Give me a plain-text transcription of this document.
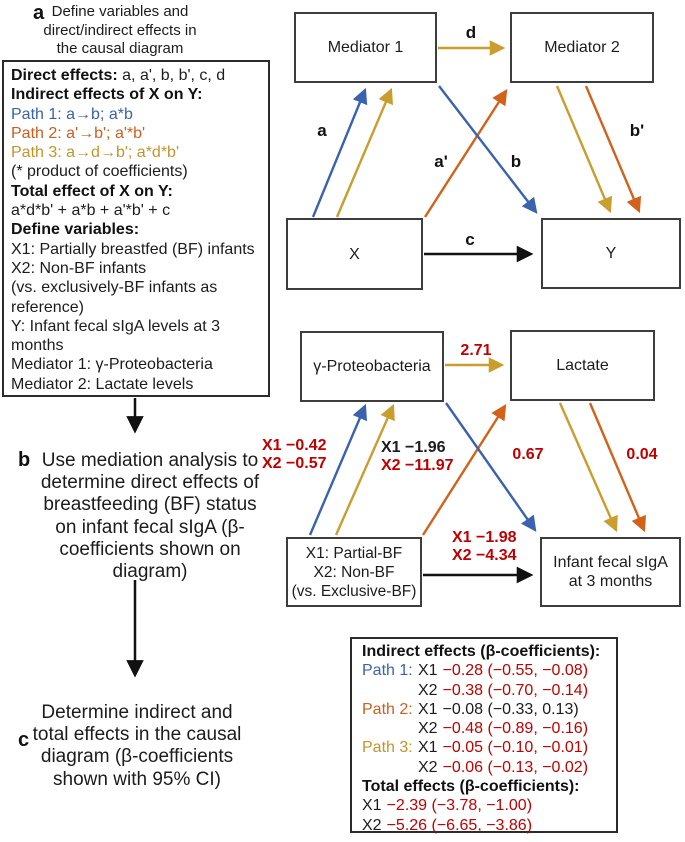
a Define variables and
direct/indirect effects in
the causal diagram
Direct effects: a, a', b, b', c, d
Indirect effects of X on Y:
Path 1: a→b; a*b
Path 2: a'→b'; a'*b'
Path 3: a→d→b'; a*d*b'
(* product of coefficients)
Total effect of X on Y:
a*d*b' + a*b + a'*b' + c
Define variables:
X1: Partially breastfed (BF) infants
X2: Non-BF infants
(vs. exclusively-BF infants as
reference)
Y: Infant fecal sIgA levels at 3
months
Mediator 1: γ-Proteobacteria
Mediator 2: Lactate levels
Mediator 1	Mediator 2
X	Y
a
a'	b
b'
d
c
b Use mediation analysis to
determine direct effects of
breastfeeding (BF) status
on infant fecal sIgA (β-
coefficients shown on
diagram)
γ-Proteobacteria	Lactate
X1: Partial-BF
X2: Non-BF
(vs. Exclusive-BF)
Infant fecal sIgA
at 3 months
2.71
X1 −0.42
X2 −0.57
X1 −1.96
X2 −11.97
0.67	0.04
X1 −1.98
X2 −4.34
c
Determine indirect and
total effects in the causal
diagram (β-coefficients
shown with 95% CI)
Indirect effects (β-coefficients):
Path 1: X1 −0.28 (−0.55, −0.08)
X2 −0.38 (−0.70, −0.14)
Path 2: X1 −0.08 (−0.33, 0.13)
X2 −0.48 (−0.89, −0.16)
Path 3: X1 −0.05 (−0.10, −0.01)
X2 −0.06 (−0.13, −0.02)
Total effects (β-coefficients):
X1 −2.39 (−3.78, −1.00)
X2 −5.26 (−6.65, −3.86)
